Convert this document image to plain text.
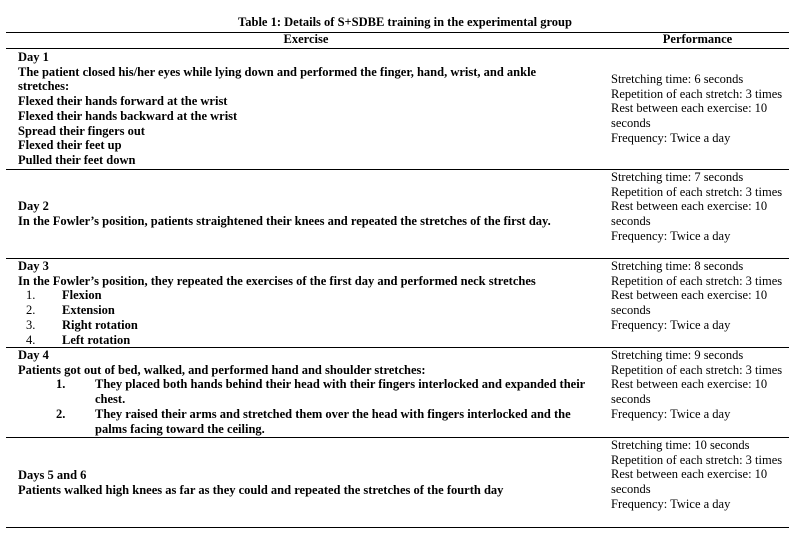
Table 1: Details of S+SDBE training in the experimental group
Exercise	Performance
Day 1
The patient closed his/her eyes while lying down and performed the finger, hand, wrist, and ankle stretches:
Flexed their hands forward at the wrist
Flexed their hands backward at the wrist
Spread their fingers out
Flexed their feet up
Pulled their feet down
Stretching time: 6 seconds
Repetition of each stretch: 3 times
Rest between each exercise: 10 seconds
Frequency: Twice a day
Day 2
In the Fowler’s position, patients straightened their knees and repeated the stretches of the first day.
Stretching time: 7 seconds
Repetition of each stretch: 3 times
Rest between each exercise: 10 seconds
Frequency: Twice a day
Day 3
In the Fowler’s position, they repeated the exercises of the first day and performed neck stretches
1. Flexion
2. Extension
3. Right rotation
4. Left rotation
Stretching time: 8 seconds
Repetition of each stretch: 3 times
Rest between each exercise: 10 seconds
Frequency: Twice a day
Day 4
Patients got out of bed, walked, and performed hand and shoulder stretches:
1. They placed both hands behind their head with their fingers interlocked and expanded their chest.
2. They raised their arms and stretched them over the head with fingers interlocked and the palms facing toward the ceiling.
Stretching time: 9 seconds
Repetition of each stretch: 3 times
Rest between each exercise: 10 seconds
Frequency: Twice a day
Days 5 and 6
Patients walked high knees as far as they could and repeated the stretches of the fourth day
Stretching time: 10 seconds
Repetition of each stretch: 3 times
Rest between each exercise: 10 seconds
Frequency: Twice a day
